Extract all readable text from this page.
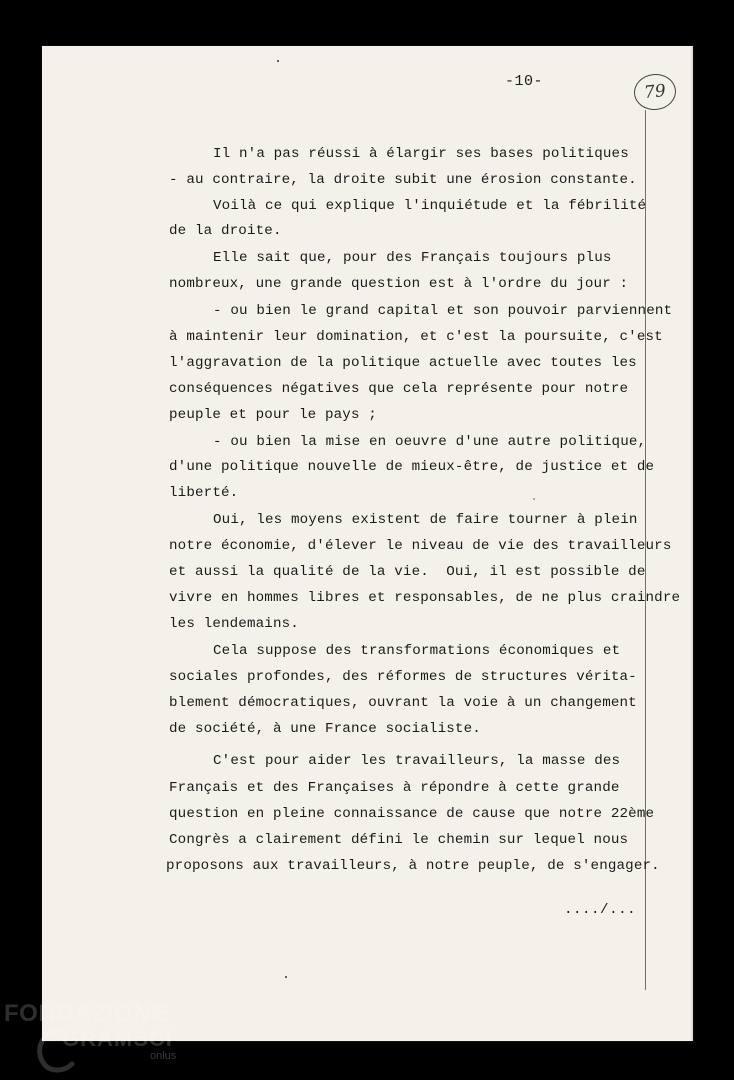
-10-	79
Il n'a pas réussi à élargir ses bases politiques
- au contraire, la droite subit une érosion constante.
Voilà ce qui explique l'inquiétude et la fébrilité
de la droite.
Elle sait que, pour des Français toujours plus
nombreux, une grande question est à l'ordre du jour :
- ou bien le grand capital et son pouvoir parviennent
à maintenir leur domination, et c'est la poursuite, c'est
l'aggravation de la politique actuelle avec toutes les
conséquences négatives que cela représente pour notre
peuple et pour le pays ;
- ou bien la mise en oeuvre d'une autre politique,
d'une politique nouvelle de mieux-être, de justice et de
liberté.
Oui, les moyens existent de faire tourner à plein
notre économie, d'élever le niveau de vie des travailleurs
et aussi la qualité de la vie.  Oui, il est possible de
vivre en hommes libres et responsables, de ne plus craindre
les lendemains.
Cela suppose des transformations économiques et
sociales profondes, des réformes de structures vérita-
blement démocratiques, ouvrant la voie à un changement
de société, à une France socialiste.
C'est pour aider les travailleurs, la masse des
Français et des Françaises à répondre à cette grande
question en pleine connaissance de cause que notre 22ème
Congrès a clairement défini le chemin sur lequel nous
proposons aux travailleurs, à notre peuple, de s'engager.
..../...
FONDAZIONE
GRAMSCI
onlus
